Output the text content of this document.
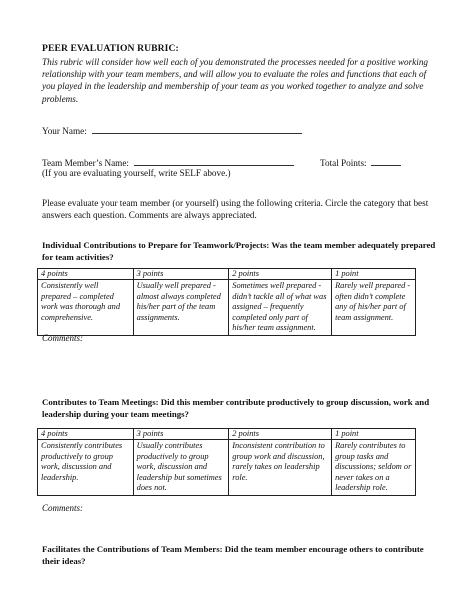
PEER EVALUATION RUBRIC:
This rubric will consider how well each of you demonstrated the processes needed for a positive working relationship with your team members, and will allow you to evaluate the roles and functions that each of you played in the leadership and membership of your team as you worked together to analyze and solve problems.
Your Name:
Team Member’s Name:	Total Points:
(If you are evaluating yourself, write SELF above.)
Please evaluate your team member (or yourself) using the following criteria. Circle the category that best answers each question. Comments are always appreciated.
Individual Contributions to Prepare for Teamwork/Projects: Was the team member adequately prepared for team activities?
4 points	3 points	2 points	1 point
Consistently well prepared – completed work was thorough and comprehensive.	Usually well prepared - almost always completed his/her part of the team assignments.	Sometimes well prepared - didn’t tackle all of what was assigned – frequently completed only part of his/her team assignment.	Rarely well prepared - often didn’t complete any of his/her part of team assignment.
Comments:
Contributes to Team Meetings: Did this member contribute productively to group discussion, work and leadership during your team meetings?
4 points	3 points	2 points	1 point
Consistently contributes productively to group work, discussion and leadership.	Usually contributes productively to group work, discussion and leadership but sometimes does not.	Inconsistent contribution to group work and discussion, rarely takes on leadership role.	Rarely contributes to group tasks and discussions; seldom or never takes on a leadership role.
Comments:
Facilitates the Contributions of Team Members: Did the team member encourage others to contribute their ideas?
